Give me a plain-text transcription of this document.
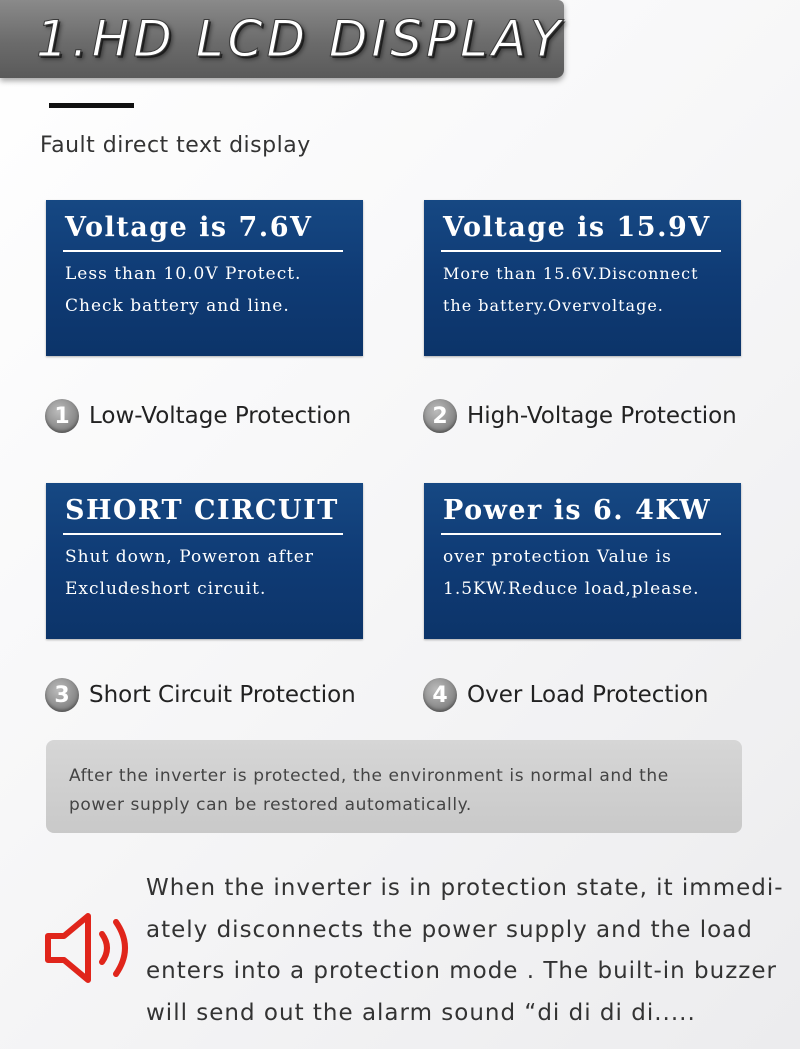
1.HD LCD DISPLAY
Fault direct text display
Voltage is 7.6V
Less than 10.0V Protect.
Check battery and line.
1 Low-Voltage Protection
Voltage is 15.9V
More than 15.6V.Disconnect
the battery.Overvoltage.
2 High-Voltage Protection
SHORT CIRCUIT
Shut down, Poweron after
Excludeshort circuit.
3 Short Circuit Protection
Power is 6. 4KW
over protection Value is
1.5KW.Reduce load,please.
4 Over Load Protection
After the inverter is protected, the environment is normal and the
power supply can be restored automatically.
When the inverter is in protection state, it immedi-
ately disconnects the power supply and the load
enters into a protection mode . The built-in buzzer
will send out the alarm sound “di di di di.....
